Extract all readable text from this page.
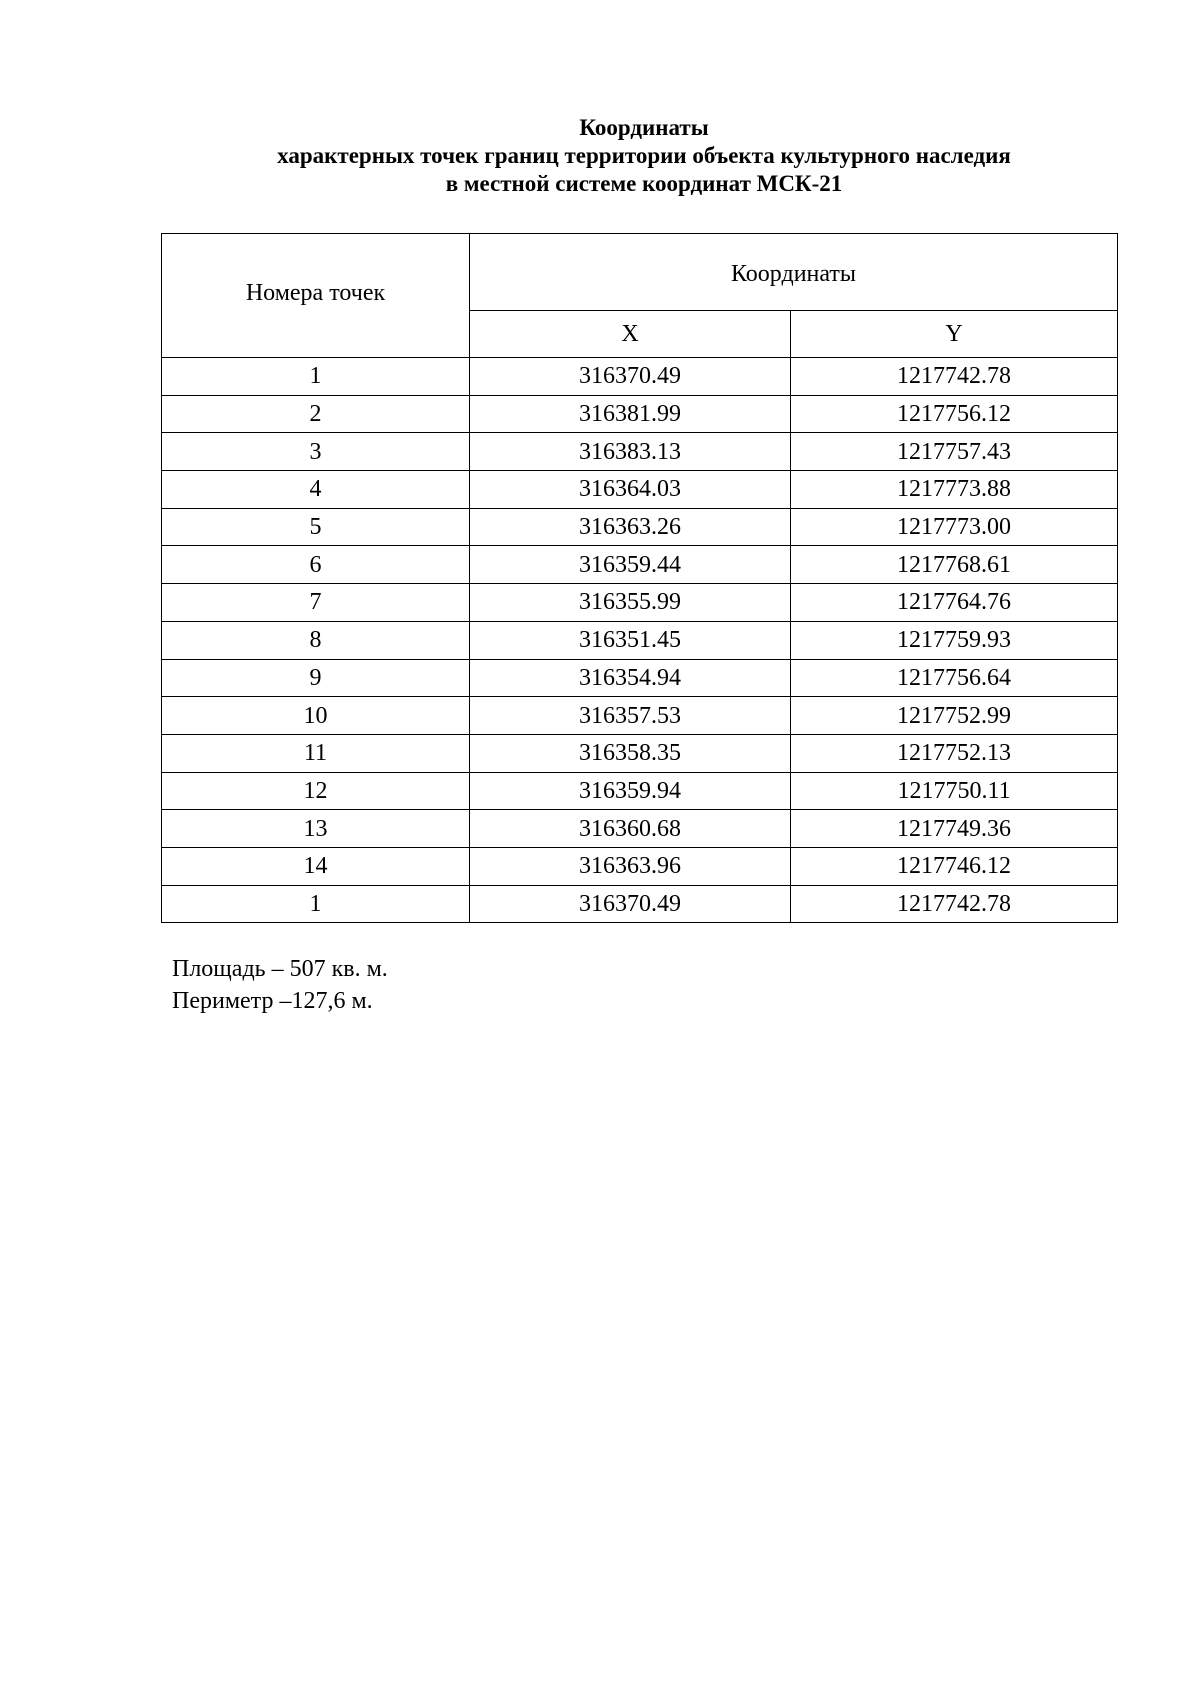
Координаты
характерных точек границ территории объекта культурного наследия
в местной системе координат МСК-21
Номера точек	Координаты	
	X	Y
1	316370.49	1217742.78
2	316381.99	1217756.12
3	316383.13	1217757.43
4	316364.03	1217773.88
5	316363.26	1217773.00
6	316359.44	1217768.61
7	316355.99	1217764.76
8	316351.45	1217759.93
9	316354.94	1217756.64
10	316357.53	1217752.99
11	316358.35	1217752.13
12	316359.94	1217750.11
13	316360.68	1217749.36
14	316363.96	1217746.12
1	316370.49	1217742.78
Площадь – 507 кв. м.
Периметр –127,6 м.
